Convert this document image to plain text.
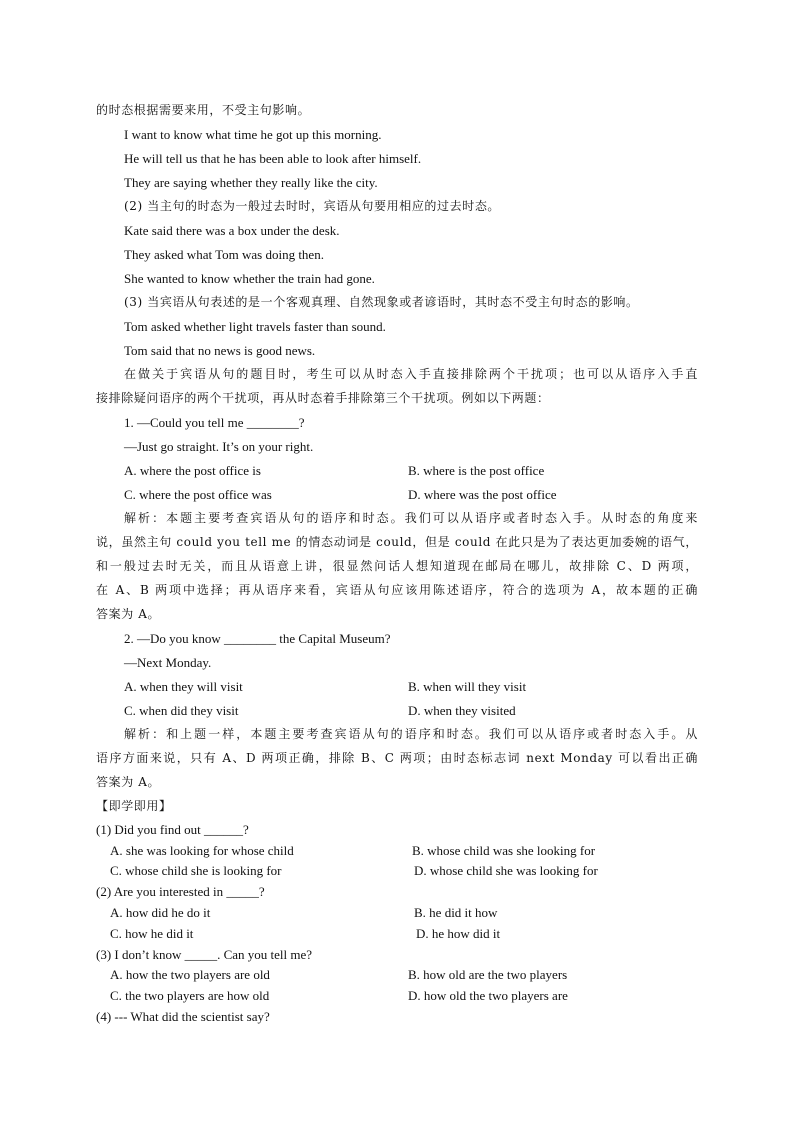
的时态根据需要来用，不受主句影响。
I want to know what time he got up this morning.
He will tell us that he has been able to look after himself.
They are saying whether they really like the city.
(2) 当主句的时态为一般过去时时，宾语从句要用相应的过去时态。
Kate said there was a box under the desk.
They asked what Tom was doing then.
She wanted to know whether the train had gone.
(3) 当宾语从句表述的是一个客观真理、自然现象或者谚语时，其时态不受主句时态的影响。
Tom asked whether light travels faster than sound.
Tom said that no news is good news.
在做关于宾语从句的题目时，考生可以从时态入手直接排除两个干扰项；也可以从语序入手直
接排除疑问语序的两个干扰项，再从时态着手排除第三个干扰项。例如以下两题：
1. —Could you tell me ________?
—Just go straight. It’s on your right.
A. where the post office is	B. where is the post office
C. where the post office was	D. where was the post office
解析：本题主要考查宾语从句的语序和时态。我们可以从语序或者时态入手。从时态的角度来
说，虽然主句 could you tell me 的情态动词是 could，但是 could 在此只是为了表达更加委婉的语气，
和一般过去时无关，而且从语意上讲，很显然问话人想知道现在邮局在哪儿，故排除 C、D 两项，
在 A、B 两项中选择；再从语序来看，宾语从句应该用陈述语序，符合的选项为 A，故本题的正确
答案为 A。
2. —Do you know ________ the Capital Museum?
—Next Monday.
A. when they will visit	B. when will they visit
C. when did they visit	D. when they visited
解析：和上题一样，本题主要考查宾语从句的语序和时态。我们可以从语序或者时态入手。从
语序方面来说，只有 A、D 两项正确，排除 B、C 两项；由时态标志词 next Monday 可以看出正确
答案为 A。
【即学即用】
(1) Did you find out ______?
A. she was looking for whose child	B. whose child was she looking for
C. whose child she is looking for	D. whose child she was looking for
(2) Are you interested in _____?
A. how did he do it	B. he did it how
C. how he did it	D. he how did it
(3) I don’t know _____. Can you tell me?
A. how the two players are old	B. how old are the two players
C. the two players are how old	D. how old the two players are
(4) --- What did the scientist say?
